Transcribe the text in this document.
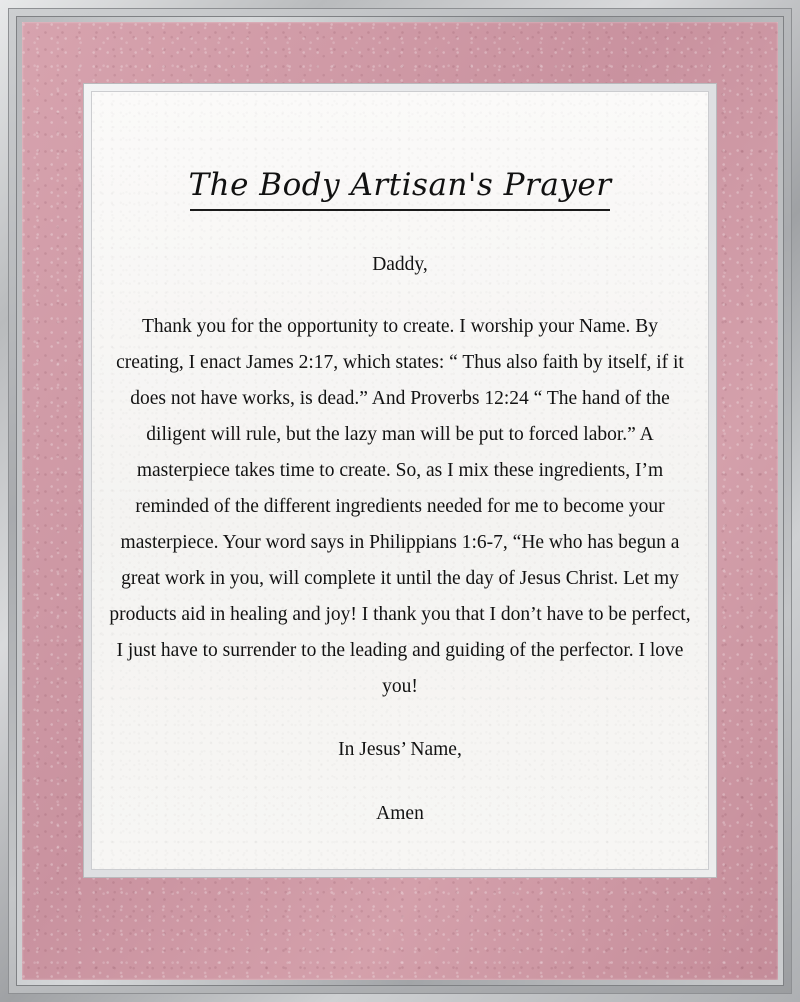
The Body Artisan's Prayer

Daddy,

Thank you for the opportunity to create. I worship your Name. By creating, I enact James 2:17, which states: “ Thus also faith by itself, if it does not have works, is dead.” And Proverbs 12:24 “ The hand of the diligent will rule, but the lazy man will be put to forced labor.” A masterpiece takes time to create. So, as I mix these ingredients, I’m reminded of the different ingredients needed for me to become your masterpiece. Your word says in Philippians 1:6-7, “He who has begun a great work in you, will complete it until the day of Jesus Christ. Let my products aid in healing and joy! I thank you that I don’t have to be perfect, I just have to surrender to the leading and guiding of the perfector. I love you!

In Jesus’ Name,

Amen
